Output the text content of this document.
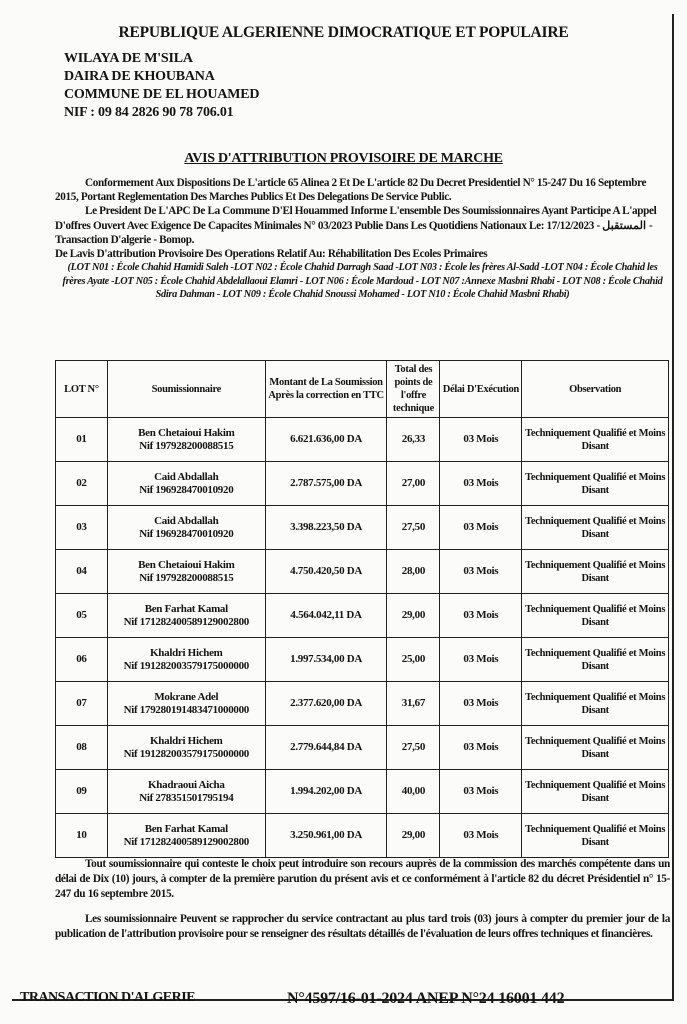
REPUBLIQUE ALGERIENNE DIMOCRATIQUE ET POPULAIRE
WILAYA DE M'SILA
DAIRA DE KHOUBANA
COMMUNE DE EL HOUAMED
NIF : 09 84 2826 90 78 706.01
AVIS D'ATTRIBUTION PROVISOIRE DE MARCHE

Conformement Aux Dispositions De L'article 65 Alinea 2 Et De L'article 82 Du Decret Presidentiel N° 15-247 Du 16 Septembre 2015, Portant Reglementation Des Marches Publics Et Des Delegations De Service Public.

Le President De L'APC De La Commune D'El Houammed Informe L'ensemble Des Soumissionnaires Ayant Participe A L'appel D'offres Ouvert Avec Exigence De Capacites Minimales N° 03/2023 Publie Dans Les Quotidiens Nationaux Le: 17/12/2023 - المستقبل -Transaction D'algerie - Bomop.

De Lavis D'attribution Provisoire Des Operations Relatif Au: Réhabilitation Des Ecoles Primaires

(LOT N01 : École Chahid Hamidi Saleh -LOT N02 : École Chahid Darragh Saad -LOT N03 : École les frères Al-Sadd -LOT N04 : École Chahid les frères Ayate -LOT N05 : École Chahid Abdelallaoui Elamri - LOT N06 : École Mardoud - LOT N07 :Annexe Masbni Rhabi - LOT N08 : École Chahid Sdira Dahman - LOT N09 : École Chahid Snoussi Mohamed - LOT N10 : École Chahid Masbni Rhabi)

LOT N°	Soumissionnaire	Montant de La Soumission Après la correction en TTC	Total des points de l'offre technique	Délai D'Exécution	Observation
01	Ben Chetaioui Hakim
Nif 197928200088515	6.621.636,00 DA	26,33	03 Mois	Techniquement Qualifié et Moins Disant
02	Caid Abdallah
Nif 196928470010920	2.787.575,00 DA	27,00	03 Mois	Techniquement Qualifié et Moins Disant
03	Caid Abdallah
Nif 196928470010920	3.398.223,50 DA	27,50	03 Mois	Techniquement Qualifié et Moins Disant
04	Ben Chetaioui Hakim
Nif 197928200088515	4.750.420,50 DA	28,00	03 Mois	Techniquement Qualifié et Moins Disant
05	Ben Farhat Kamal
Nif 171282400589129002800	4.564.042,11 DA	29,00	03 Mois	Techniquement Qualifié et Moins Disant
06	Khaldri Hichem
Nif 191282003579175000000	1.997.534,00 DA	25,00	03 Mois	Techniquement Qualifié et Moins Disant
07	Mokrane Adel
Nif 179280191483471000000	2.377.620,00 DA	31,67	03 Mois	Techniquement Qualifié et Moins Disant
08	Khaldri Hichem
Nif 191282003579175000000	2.779.644,84 DA	27,50	03 Mois	Techniquement Qualifié et Moins Disant
09	Khadraoui Aicha
Nif 278351501795194	1.994.202,00 DA	40,00	03 Mois	Techniquement Qualifié et Moins Disant
10	Ben Farhat Kamal
Nif 171282400589129002800	3.250.961,00 DA	29,00	03 Mois	Techniquement Qualifié et Moins Disant

Tout soumissionnaire qui conteste le choix peut introduire son recours auprès de la commission des marchés compétente dans un délai de Dix (10) jours, à compter de la première parution du présent avis et ce conformément à l'article 82 du décret Présidentiel n° 15-247 du 16 septembre 2015.

Les soumissionnaire Peuvent se rapprocher du service contractant au plus tard trois (03) jours à compter du premier jour de la publication de l'attribution provisoire pour se renseigner des résultats détaillés de l'évaluation de leurs offres techniques et financières.

TRANSACTION D'ALGERIE	N°4597/16-01-2024 ANEP N°24 16001 442
